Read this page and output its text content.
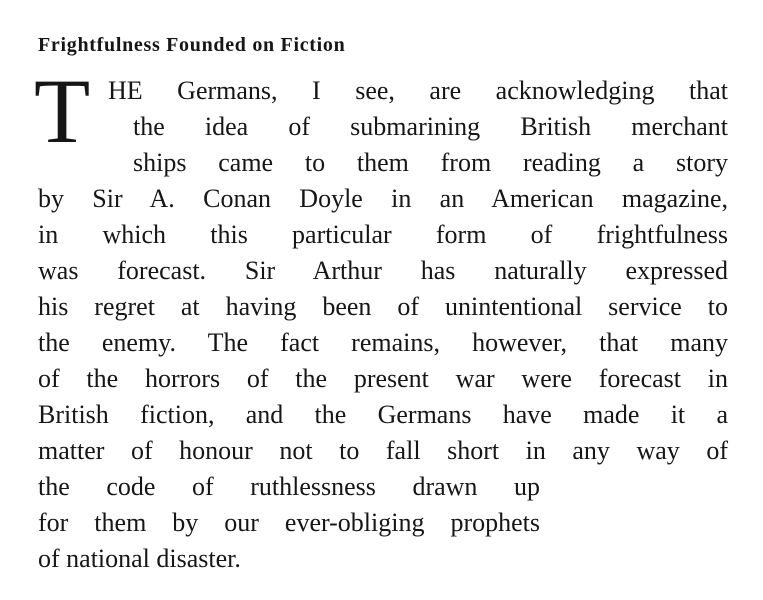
Frightfulness Founded on Fiction
T HE Germans, I see, are acknowledging that
the idea of submarining British merchant
ships came to them from reading a story
by Sir A. Conan Doyle in an American magazine,
in which this particular form of frightfulness
was forecast. Sir Arthur has naturally expressed
his regret at having been of unintentional service to
the enemy. The fact remains, however, that many
of the horrors of the present war were forecast in
British fiction, and the Germans have made it a
matter of honour not to fall short in any way of
the code of ruthlessness drawn up
for them by our ever-obliging prophets
of national disaster.
